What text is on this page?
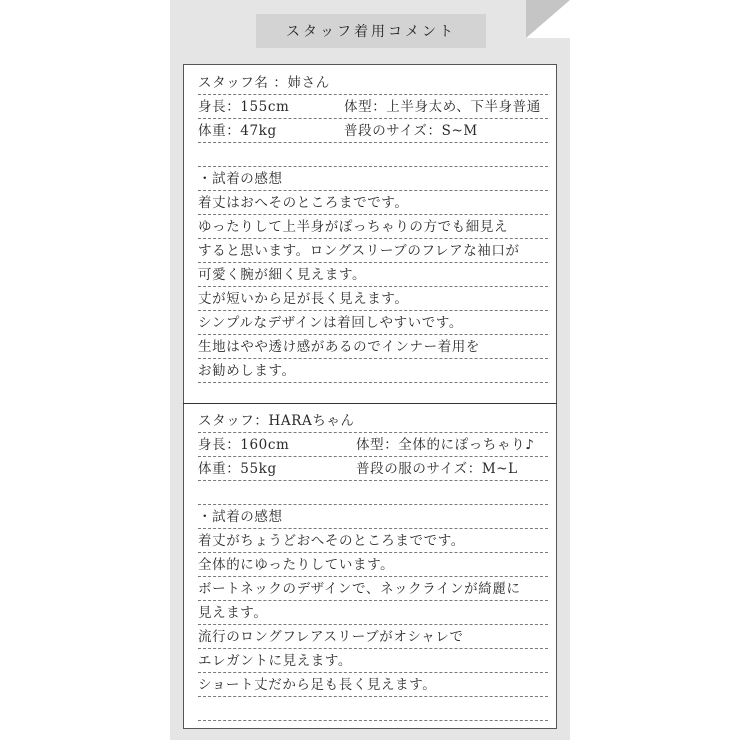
スタッフ着用コメント
スタッフ名 ：姉さん
身長：155cm	体型：上半身太め、下半身普通
体重：47kg	普段のサイズ：S~M
・試着の感想
着丈はおへそのところまでです。
ゆったりして上半身がぽっちゃりの方でも細見え
すると思います。ロングスリーブのフレアな袖口が
可愛く腕が細く見えます。
丈が短いから足が長く見えます。
シンプルなデザインは着回しやすいです。
生地はやや透け感があるのでインナー着用を
お勧めします。
スタッフ：HARAちゃん
身長：160cm	体型：全体的にぽっちゃり♪
体重：55kg	普段の服のサイズ：M~L
・試着の感想
着丈がちょうどおへそのところまでです。
全体的にゆったりしています。
ボートネックのデザインで、ネックラインが綺麗に
見えます。
流行のロングフレアスリーブがオシャレで
エレガントに見えます。
ショート丈だから足も長く見えます。
